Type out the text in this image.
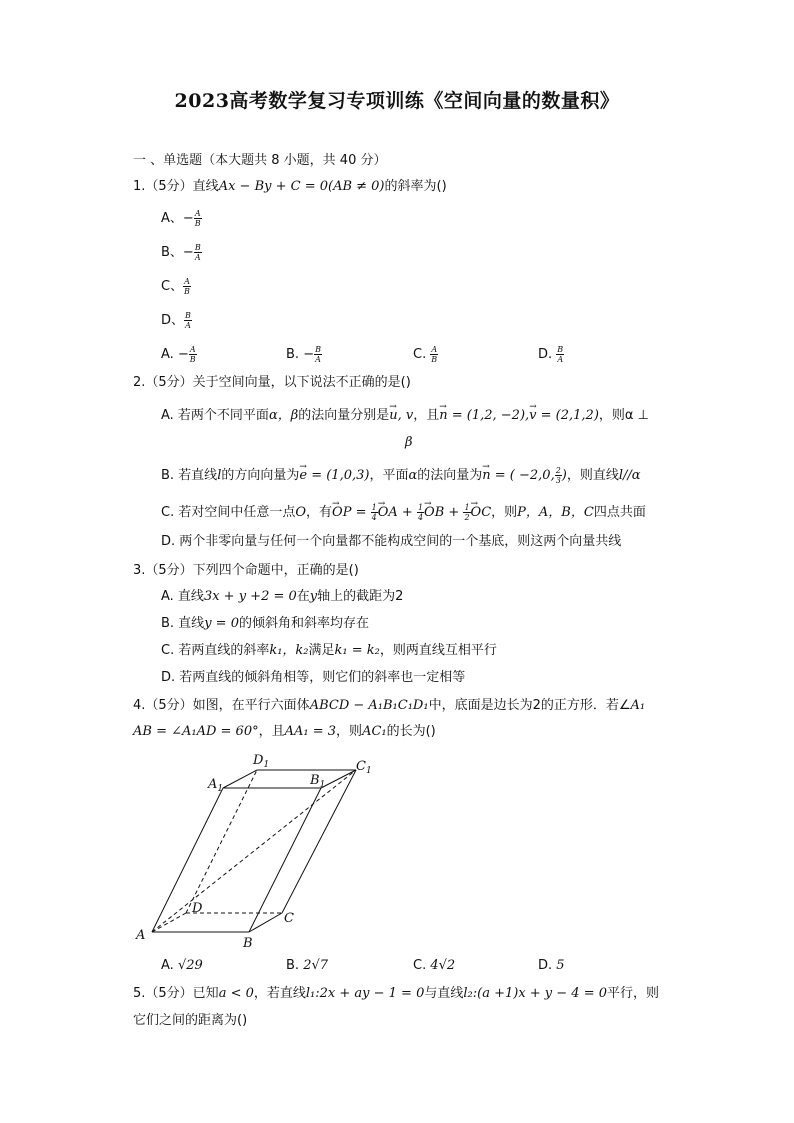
2023高考数学复习专项训练《空间向量的数量积》
一 、单选题（本大题共 8 小题，共 40 分）
1.（5分）直线Ax − By + C = 0(AB ≠ 0)的斜率为()
A、− $\frac{A}{B}$
B、− $\frac{B}{A}$
C、 $\frac{A}{B}$
D、 $\frac{B}{A}$
A. − $\frac{A}{B}$	B. − $\frac{B}{A}$	C. $\frac{A}{B}$	D. $\frac{B}{A}$
2.（5分）关于空间向量，以下说法不正确的是()
A. 若两个不同平面α，β的法向量分别是→ u, v，且→ n = (1,2, −2),→ v = (2,1,2)，则α ⊥
β
B. 若直线l的方向向量为→ e = (1,0,3)，平面α的法向量为→ n = ( −2,0, $\frac{2}{3}$ )，则直线l//α
C. 若对空间中任意一点O，有→ OP = $\frac{1}{4}$ → OA + $\frac{1}{4}$ → OB + $\frac{1}{2}$ → OC，则P，A，B，C四点共面
D. 两个非零向量与任何一个向量都不能构成空间的一个基底，则这两个向量共线
3.（5分）下列四个命题中，正确的是()
A. 直线3x + y +2 = 0在y轴上的截距为2
B. 直线y = 0的倾斜角和斜率均存在
C. 若两直线的斜率k₁，k₂满足k₁ = k₂，则两直线互相平行
D. 若两直线的倾斜角相等，则它们的斜率也一定相等
4.（5分）如图，在平行六面体ABCD − A₁B₁C₁D₁中，底面是边长为2的正方形．若∠A₁
AB = ∠A₁AD = 60°，且AA₁ = 3，则AC₁的长为()
A
B
C
D
$A_1$
$B_1$
$C_1$
$D_1$
A. √29	B. 2√7	C. 4√2	D. 5
5.（5分）已知a < 0，若直线l₁:2x + ay − 1 = 0与直线l₂:(a +1)x + y − 4 = 0平行，则
它们之间的距离为()
